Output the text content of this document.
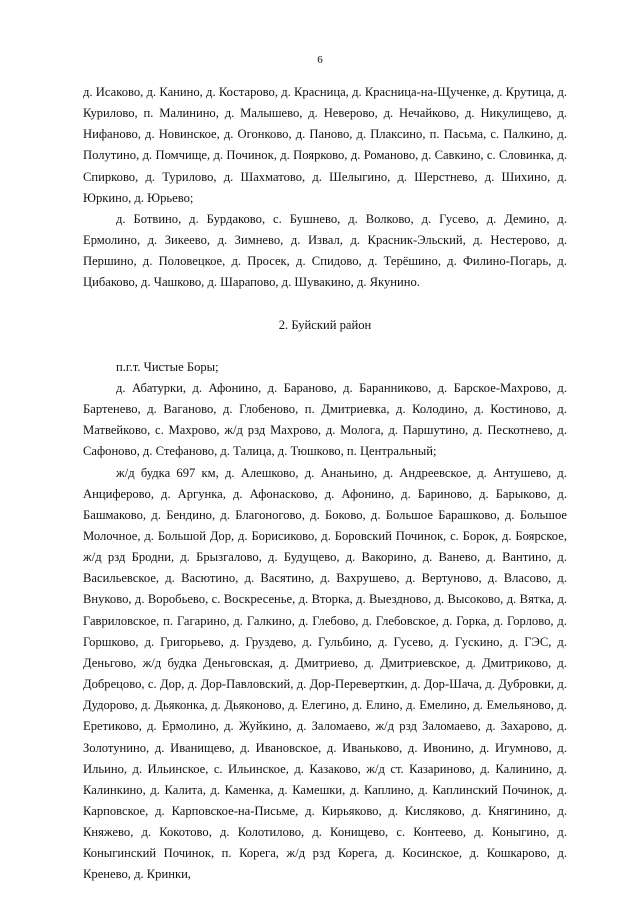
6

д. Исаково, д. Канино, д. Костарово, д. Красница, д. Красница-на-Щученке, д. Крутица, д. Курилово, п. Малинино, д. Малышево, д. Неверово, д. Нечайково, д. Никулищево, д. Нифаново, д. Новинское, д. Огонково, д. Паново, д. Плаксино, п. Пасьма, с. Палкино, д. Полутино, д. Помчище, д. Починок, д. Поярково, д. Романово, д. Савкино, с. Словинка, д. Спирково, д. Турилово, д. Шахматово, д. Шелыгино, д. Шерстнево, д. Шихино, д. Юркино, д. Юрьево;

д. Ботвино, д. Бурдаково, с. Бушнево, д. Волково, д. Гусево, д. Демино, д. Ермолино, д. Зикеево, д. Зимнево, д. Извал, д. Красник-Эльский, д. Нестерово, д. Першино, д. Половецкое, д. Просек, д. Спидово, д. Терёшино, д. Филино-Погарь, д. Цибаково, д. Чашково, д. Шарапово, д. Шувакино, д. Якунино.

2. Буйский район

п.г.т. Чистые Боры;

д. Абатурки, д. Афонино, д. Бараново, д. Баранниково, д. Барское-Махрово, д. Бартенево, д. Ваганово, д. Глобеново, п. Дмитриевка, д. Колодино, д. Костиново, д. Матвейково, с. Махрово, ж/д рзд Махрово, д. Молога, д. Паршутино, д. Пескотнево, д. Сафоново, д. Стефаново, д. Талица, д. Тюшково, п. Центральный;

ж/д будка 697 км, д. Алешково, д. Ананьино, д. Андреевское, д. Антушево, д. Анциферово, д. Аргунка, д. Афонасково, д. Афонино, д. Бариново, д. Барыково, д. Башмаково, д. Бендино, д. Благоногово, д. Боково, д. Большое Барашково, д. Большое Молочное, д. Большой Дор, д. Борисиково, д. Боровский Починок, с. Борок, д. Боярское, ж/д рзд Бродни, д. Брызгалово, д. Будущево, д. Вакорино, д. Ванево, д. Вантино, д. Васильевское, д. Васютино, д. Васятино, д. Вахрушево, д. Вертуново, д. Власово, д. Внуково, д. Воробьево, с. Воскресенье, д. Вторка, д. Выездново, д. Высоково, д. Вятка, д. Гавриловское, п. Гагарино, д. Галкино, д. Глебово, д. Глебовское, д. Горка, д. Горлово, д. Горшково, д. Григорьево, д. Груздево, д. Гульбино, д. Гусево, д. Гускино, д. ГЭС, д. Деньгово, ж/д будка Деньговская, д. Дмитриево, д. Дмитриевское, д. Дмитриково, д. Добрецово, с. Дор, д. Дор-Павловский, д. Дор-Переверткин, д. Дор-Шача, д. Дубровки, д. Дудорово, д. Дьяконка, д. Дьяконово, д. Елегино, д. Елино, д. Емелино, д. Емельяново, д. Еретиково, д. Ермолино, д. Жуйкино, д. Заломаево, ж/д рзд Заломаево, д. Захарово, д. Золотунино, д. Иванищево, д. Ивановское, д. Иваньково, д. Ивонино, д. Игумново, д. Ильино, д. Ильинское, с. Ильинское, д. Казаково, ж/д ст. Казариново, д. Калинино, д. Калинкино, д. Калита, д. Каменка, д. Камешки, д. Каплино, д. Каплинский Починок, д. Карповское, д. Карповское-на-Письме, д. Кирьяково, д. Кисляково, д. Княгинино, д. Княжево, д. Кокотово, д. Колотилово, д. Конищево, с. Контеево, д. Коныгино, д. Коныгинский Починок, п. Корега, ж/д рзд Корега, д. Косинское, д. Кошкарово, д. Кренево, д. Кринки,
